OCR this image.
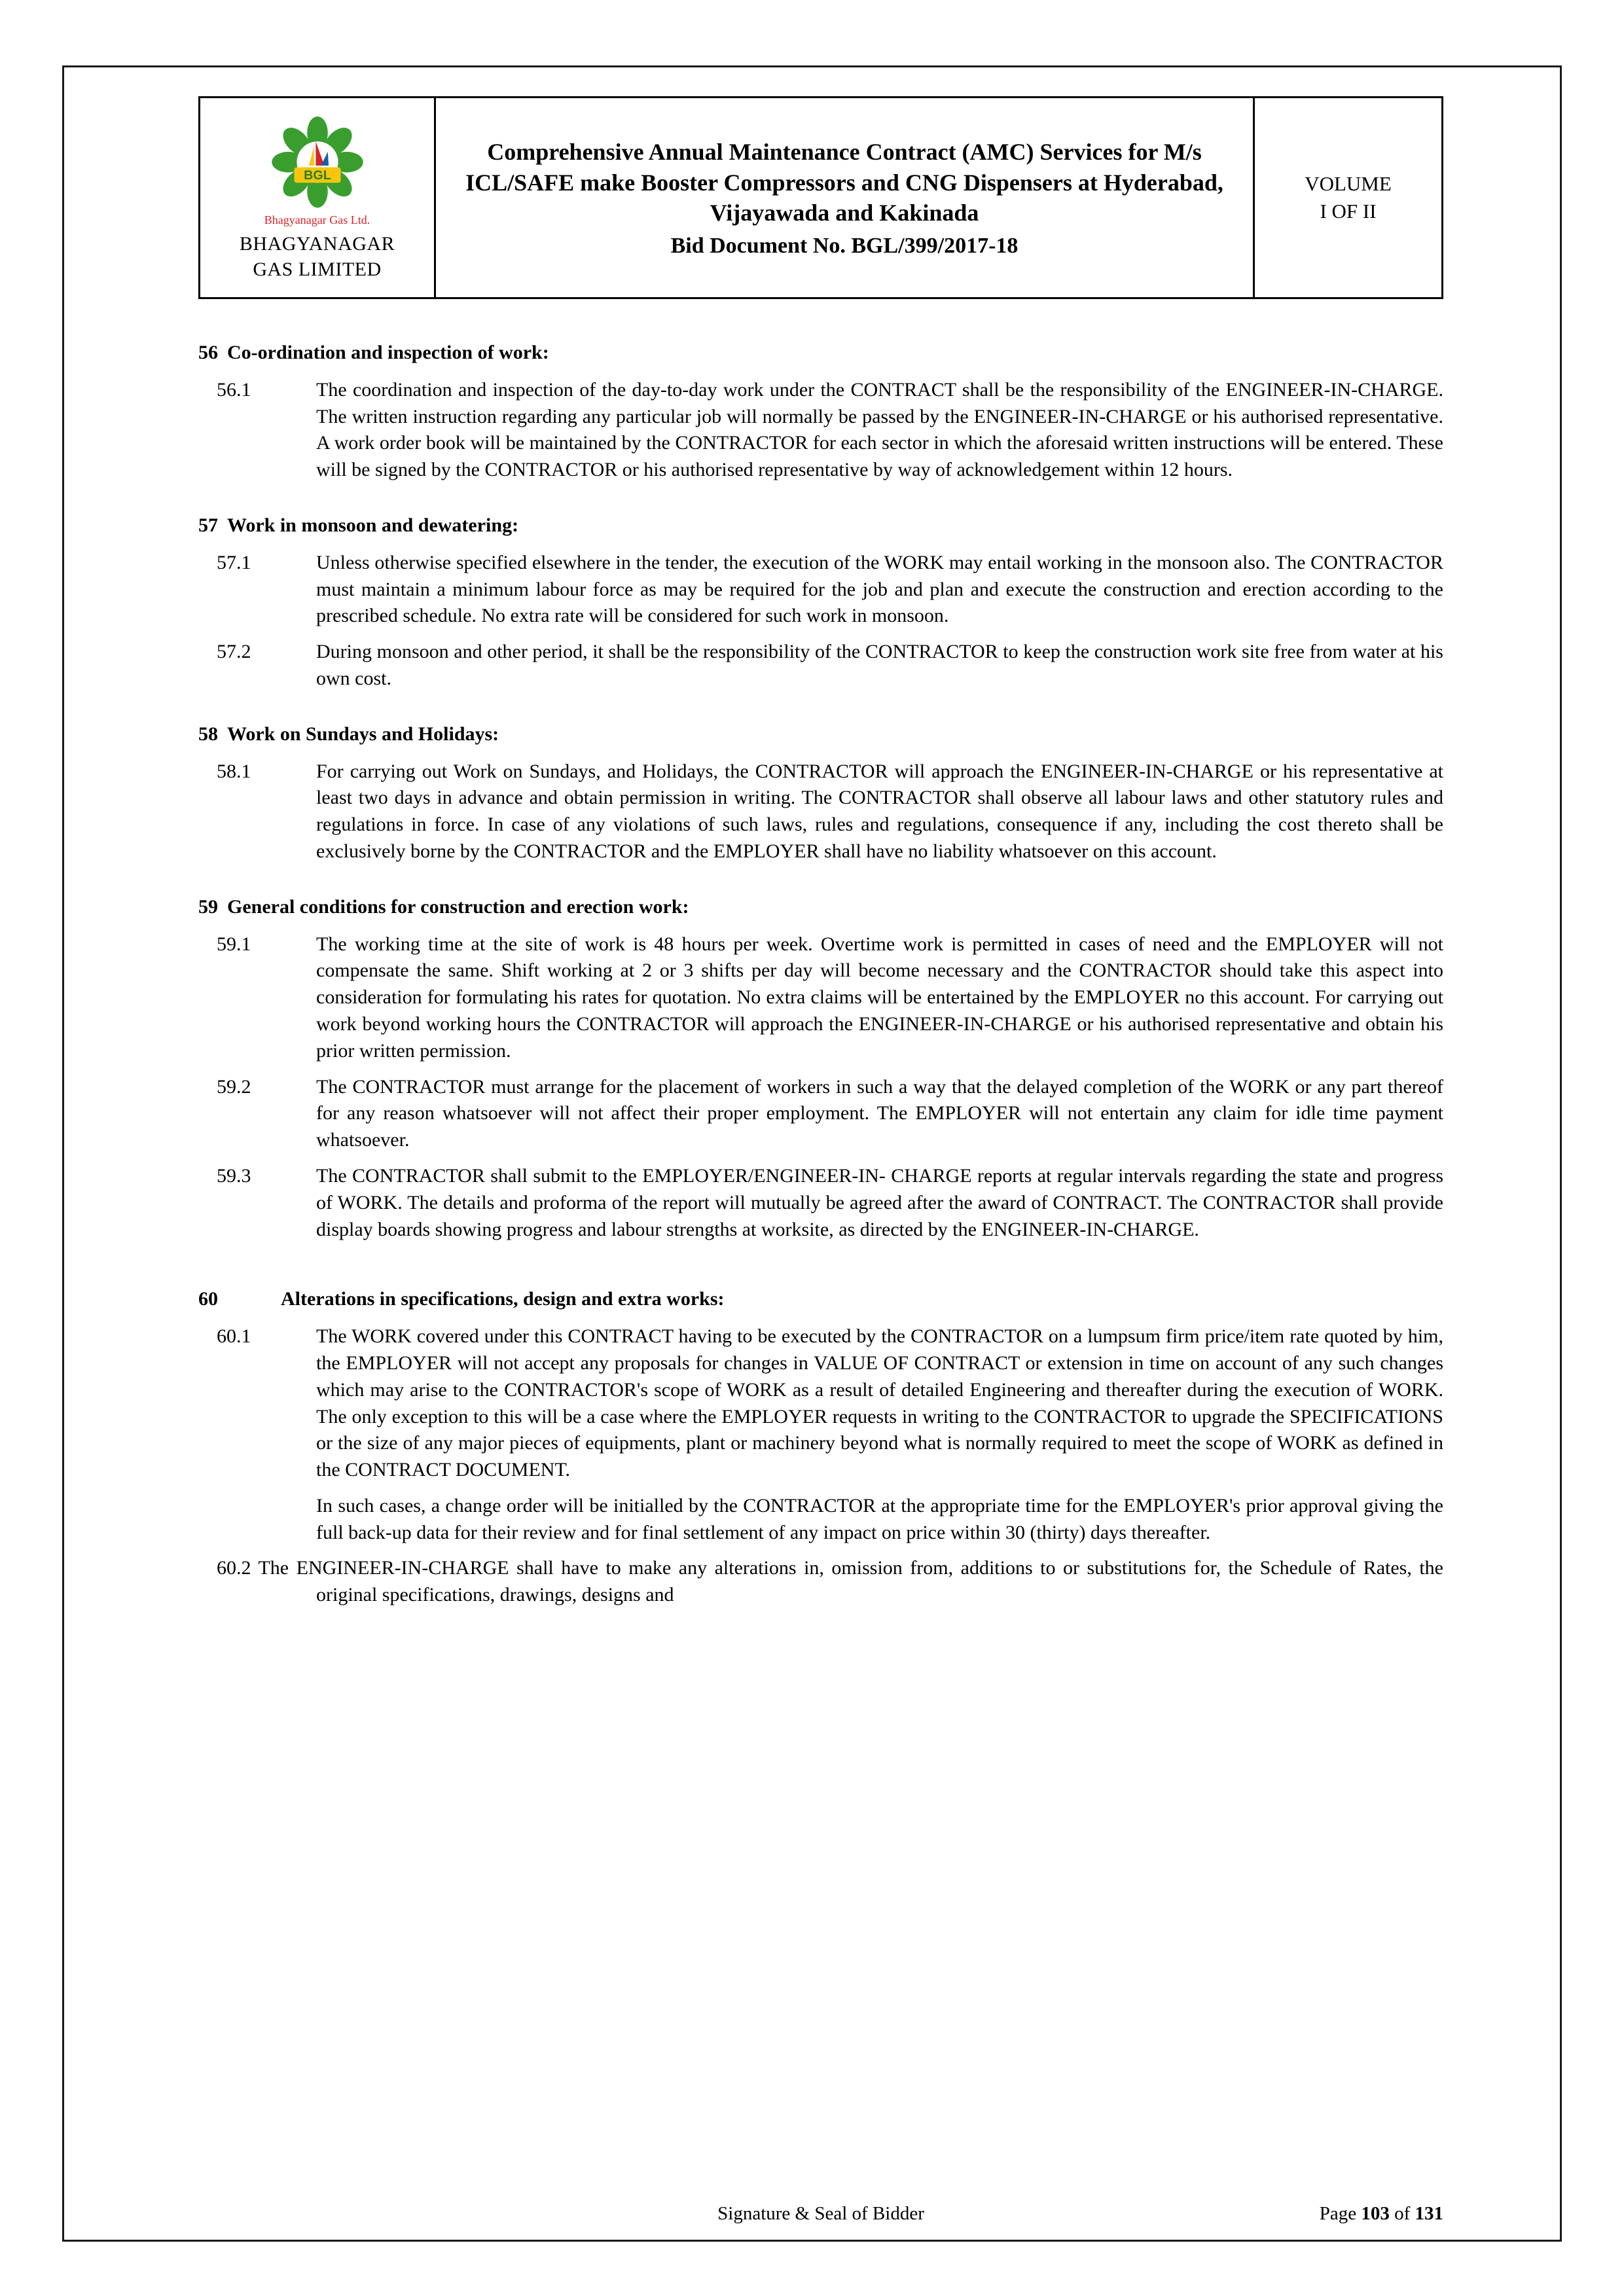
BGL
Bhagyanagar Gas Ltd.
BHAGYANAGAR
GAS LIMITED
Comprehensive Annual Maintenance Contract (AMC) Services for M/s ICL/SAFE make Booster Compressors and CNG Dispensers at Hyderabad, Vijayawada and Kakinada
Bid Document No. BGL/399/2017-18
VOLUME
I OF II
56 Co-ordination and inspection of work:
56.1	The coordination and inspection of the day-to-day work under the CONTRACT shall be the responsibility of the ENGINEER-IN-CHARGE. The written instruction regarding any particular job will normally be passed by the ENGINEER-IN-CHARGE or his authorised representative. A work order book will be maintained by the CONTRACTOR for each sector in which the aforesaid written instructions will be entered. These will be signed by the CONTRACTOR or his authorised representative by way of acknowledgement within 12 hours.

57 Work in monsoon and dewatering:
57.1	Unless otherwise specified elsewhere in the tender, the execution of the WORK may entail working in the monsoon also. The CONTRACTOR must maintain a minimum labour force as may be required for the job and plan and execute the construction and erection according to the prescribed schedule. No extra rate will be considered for such work in monsoon.

57.2	During monsoon and other period, it shall be the responsibility of the CONTRACTOR to keep the construction work site free from water at his own cost.

58 Work on Sundays and Holidays:
58.1	For carrying out Work on Sundays, and Holidays, the CONTRACTOR will approach the ENGINEER-IN-CHARGE or his representative at least two days in advance and obtain permission in writing. The CONTRACTOR shall observe all labour laws and other statutory rules and regulations in force. In case of any violations of such laws, rules and regulations, consequence if any, including the cost thereto shall be exclusively borne by the CONTRACTOR and the EMPLOYER shall have no liability whatsoever on this account.

59 General conditions for construction and erection work:
59.1	The working time at the site of work is 48 hours per week. Overtime work is permitted in cases of need and the EMPLOYER will not compensate the same. Shift working at 2 or 3 shifts per day will become necessary and the CONTRACTOR should take this aspect into consideration for formulating his rates for quotation. No extra claims will be entertained by the EMPLOYER no this account. For carrying out work beyond working hours the CONTRACTOR will approach the ENGINEER-IN-CHARGE or his authorised representative and obtain his prior written permission.

59.2	The CONTRACTOR must arrange for the placement of workers in such a way that the delayed completion of the WORK or any part thereof for any reason whatsoever will not affect their proper employment. The EMPLOYER will not entertain any claim for idle time payment whatsoever.

59.3	The CONTRACTOR shall submit to the EMPLOYER/ENGINEER-IN- CHARGE reports at regular intervals regarding the state and progress of WORK. The details and proforma of the report will mutually be agreed after the award of CONTRACT. The CONTRACTOR shall provide display boards showing progress and labour strengths at worksite, as directed by the ENGINEER-IN-CHARGE.

60	Alterations in specifications, design and extra works:
60.1	The WORK covered under this CONTRACT having to be executed by the CONTRACTOR on a lumpsum firm price/item rate quoted by him, the EMPLOYER will not accept any proposals for changes in VALUE OF CONTRACT or extension in time on account of any such changes which may arise to the CONTRACTOR's scope of WORK as a result of detailed Engineering and thereafter during the execution of WORK. The only exception to this will be a case where the EMPLOYER requests in writing to the CONTRACTOR to upgrade the SPECIFICATIONS or the size of any major pieces of equipments, plant or machinery beyond what is normally required to meet the scope of WORK as defined in the CONTRACT DOCUMENT.

In such cases, a change order will be initialled by the CONTRACTOR at the appropriate time for the EMPLOYER's prior approval giving the full back-up data for their review and for final settlement of any impact on price within 30 (thirty) days thereafter.

60.2 The ENGINEER-IN-CHARGE shall have to make any alterations in, omission from, additions to or substitutions for, the Schedule of Rates, the original specifications, drawings, designs and

Signature & Seal of Bidder	Page 103 of 131
